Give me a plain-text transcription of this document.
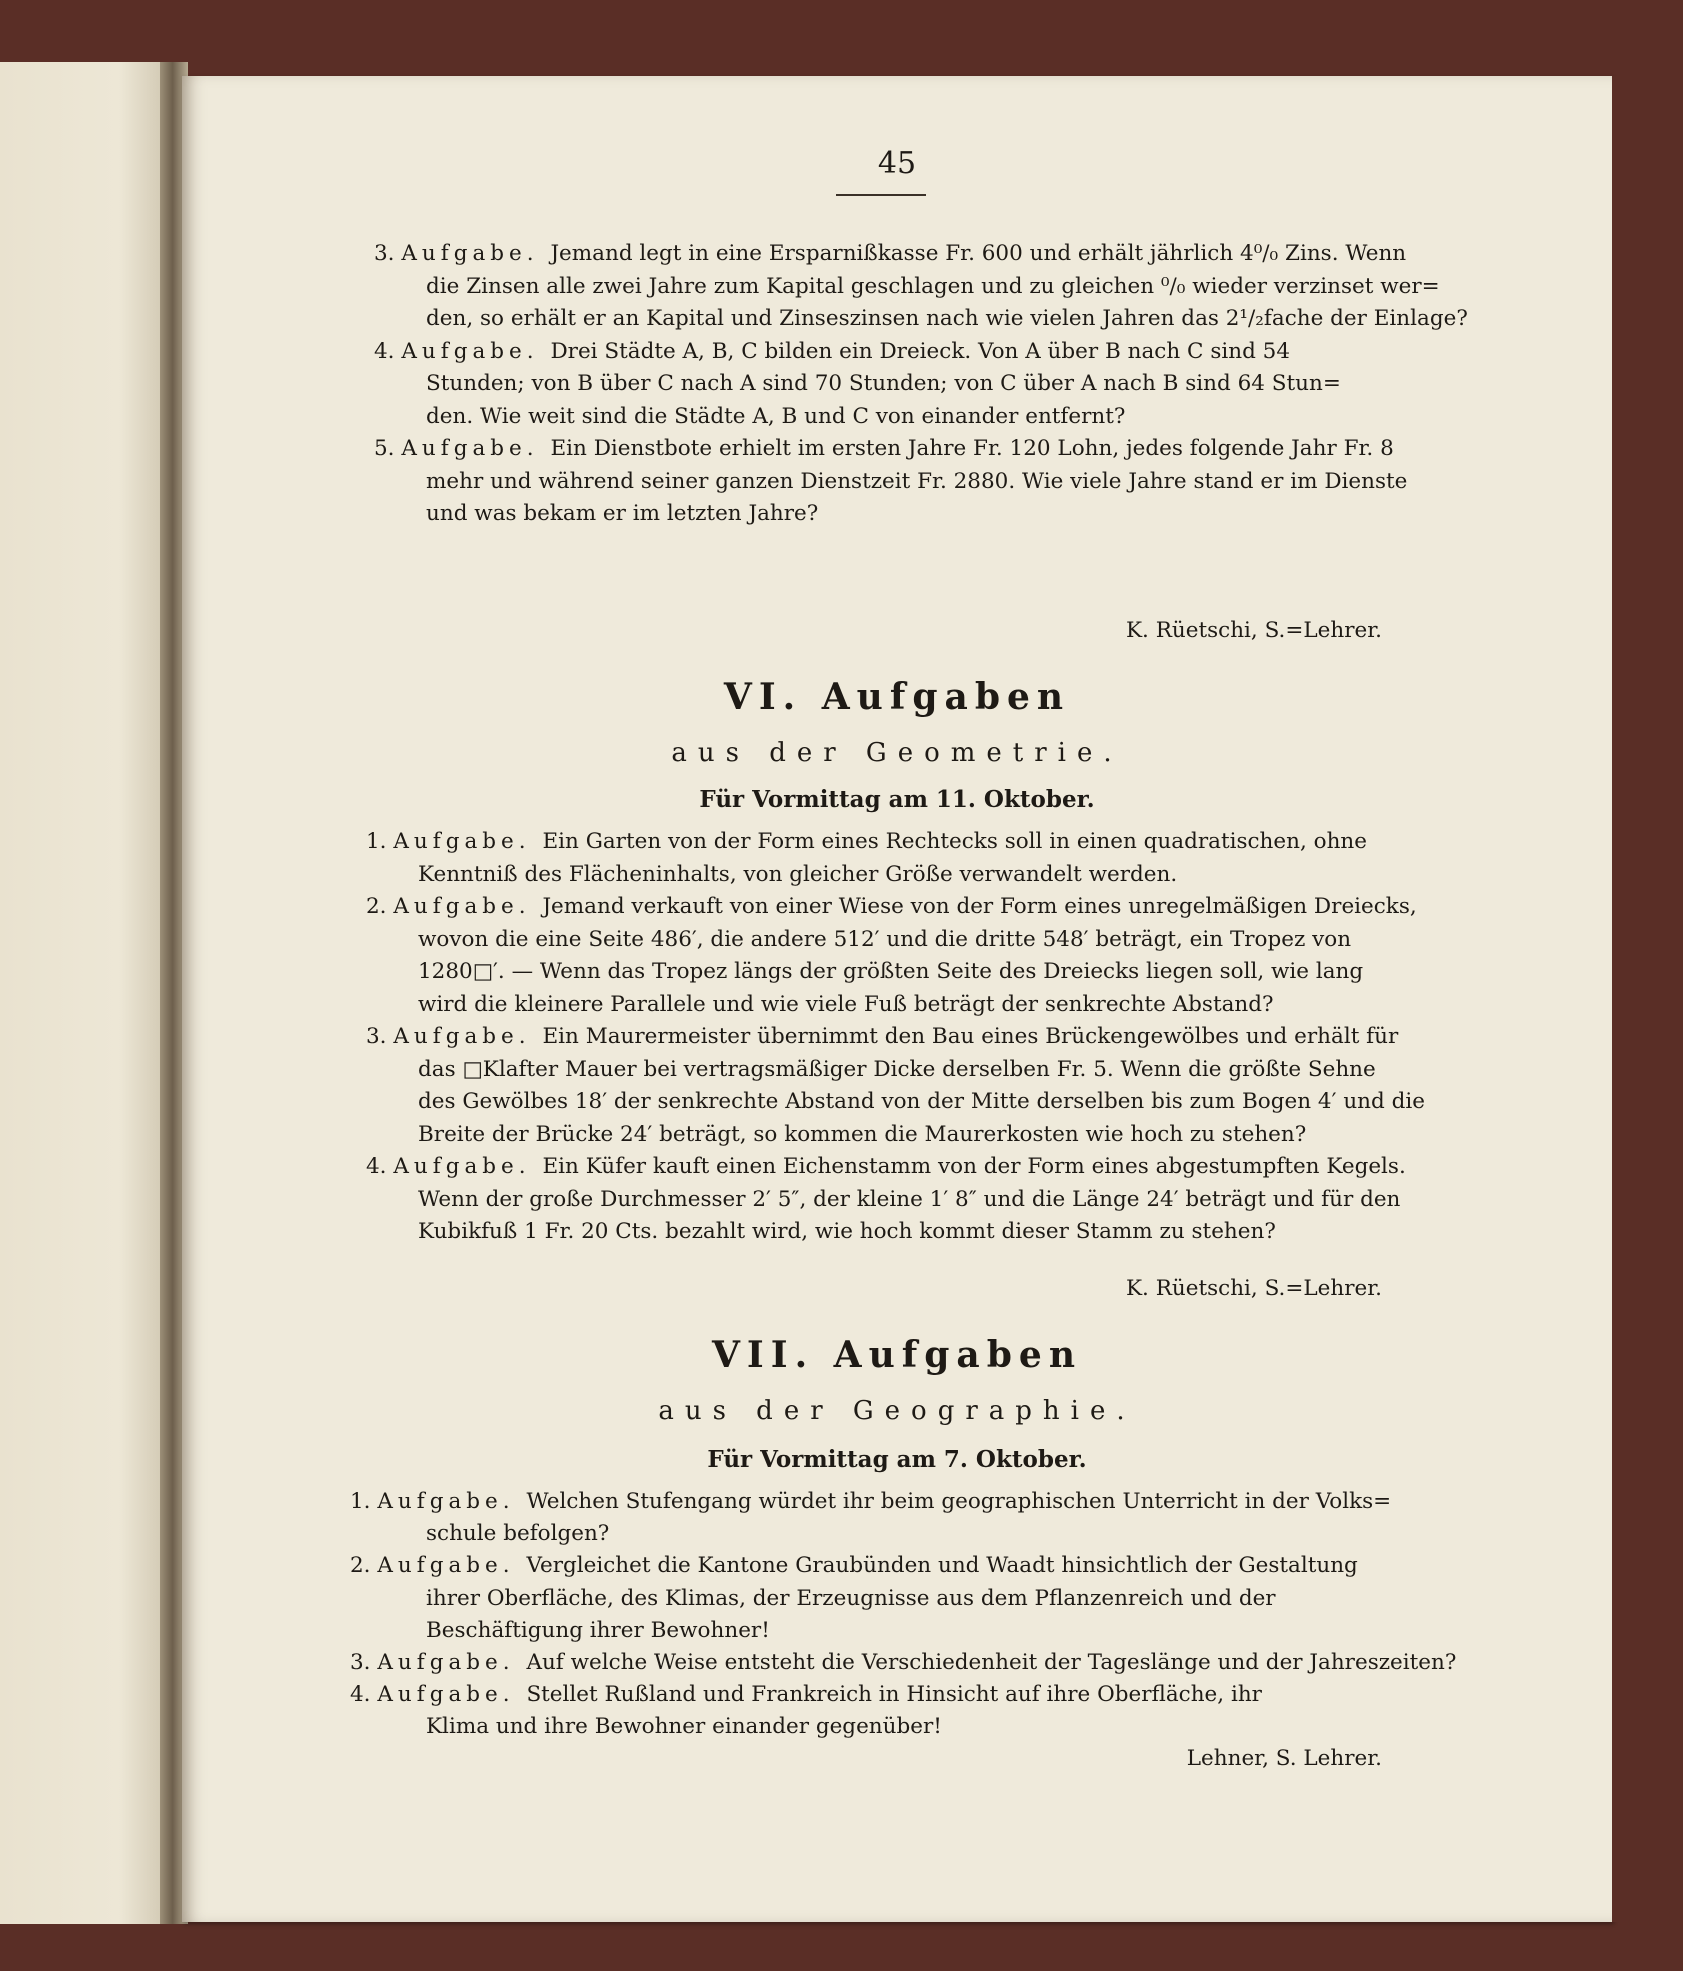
45
K. Rüetschi, S.=Lehrer.
VI. Aufgaben
aus der Geometrie.
Für Vormittag am 11. Oktober.
K. Rüetschi, S.=Lehrer.
VII. Aufgaben
aus der Geographie.
Für Vormittag am 7. Oktober.
Lehner, S. Lehrer.
3. Aufgabe. Jemand legt in eine Ersparnißkasse Fr. 600 und erhält jährlich 4⁰/₀ Zins. Wenn
die Zinsen alle zwei Jahre zum Kapital geschlagen und zu gleichen ⁰/₀ wieder verzinset wer=
den, so erhält er an Kapital und Zinseszinsen nach wie vielen Jahren das 2¹/₂fache der Einlage?
4. Aufgabe. Drei Städte A, B, C bilden ein Dreieck. Von A über B nach C sind 54
Stunden; von B über C nach A sind 70 Stunden; von C über A nach B sind 64 Stun=
den. Wie weit sind die Städte A, B und C von einander entfernt?
5. Aufgabe. Ein Dienstbote erhielt im ersten Jahre Fr. 120 Lohn, jedes folgende Jahr Fr. 8
mehr und während seiner ganzen Dienstzeit Fr. 2880. Wie viele Jahre stand er im Dienste
und was bekam er im letzten Jahre?
1. Aufgabe. Ein Garten von der Form eines Rechtecks soll in einen quadratischen, ohne
Kenntniß des Flächeninhalts, von gleicher Größe verwandelt werden.
2. Aufgabe. Jemand verkauft von einer Wiese von der Form eines unregelmäßigen Dreiecks,
wovon die eine Seite 486′, die andere 512′ und die dritte 548′ beträgt, ein Tropez von
1280□′. — Wenn das Tropez längs der größten Seite des Dreiecks liegen soll, wie lang
wird die kleinere Parallele und wie viele Fuß beträgt der senkrechte Abstand?
3. Aufgabe. Ein Maurermeister übernimmt den Bau eines Brückengewölbes und erhält für
das □Klafter Mauer bei vertragsmäßiger Dicke derselben Fr. 5. Wenn die größte Sehne
des Gewölbes 18′ der senkrechte Abstand von der Mitte derselben bis zum Bogen 4′ und die
Breite der Brücke 24′ beträgt, so kommen die Maurerkosten wie hoch zu stehen?
4. Aufgabe. Ein Küfer kauft einen Eichenstamm von der Form eines abgestumpften Kegels.
Wenn der große Durchmesser 2′ 5″, der kleine 1′ 8″ und die Länge 24′ beträgt und für den
Kubikfuß 1 Fr. 20 Cts. bezahlt wird, wie hoch kommt dieser Stamm zu stehen?
1. Aufgabe. Welchen Stufengang würdet ihr beim geographischen Unterricht in der Volks=
schule befolgen?
2. Aufgabe. Vergleichet die Kantone Graubünden und Waadt hinsichtlich der Gestaltung
ihrer Oberfläche, des Klimas, der Erzeugnisse aus dem Pflanzenreich und der
Beschäftigung ihrer Bewohner!
3. Aufgabe. Auf welche Weise entsteht die Verschiedenheit der Tageslänge und der Jahreszeiten?
4. Aufgabe. Stellet Rußland und Frankreich in Hinsicht auf ihre Oberfläche, ihr
Klima und ihre Bewohner einander gegenüber!
